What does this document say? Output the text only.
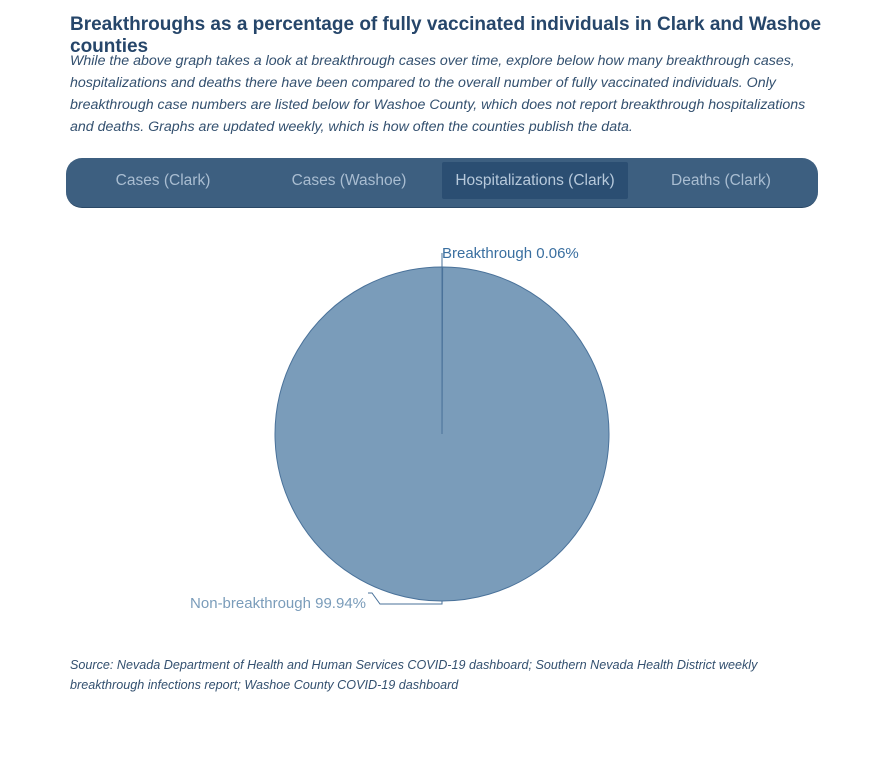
Breakthroughs as a percentage of fully vaccinated individuals in Clark and Washoe counties

While the above graph takes a look at breakthrough cases over time, explore below how many breakthrough cases, hospitalizations and deaths there have been compared to the overall number of fully vaccinated individuals. Only breakthrough case numbers are listed below for Washoe County, which does not report breakthrough hospitalizations and deaths. Graphs are updated weekly, which is how often the counties publish the data.

Cases (Clark)	Cases (Washoe)	Hospitalizations (Clark)	Deaths (Clark)
Breakthrough 0.06%
Non-breakthrough 99.94%

Source: Nevada Department of Health and Human Services COVID-19 dashboard; Southern Nevada Health District weekly breakthrough infections report; Washoe County COVID-19 dashboard
